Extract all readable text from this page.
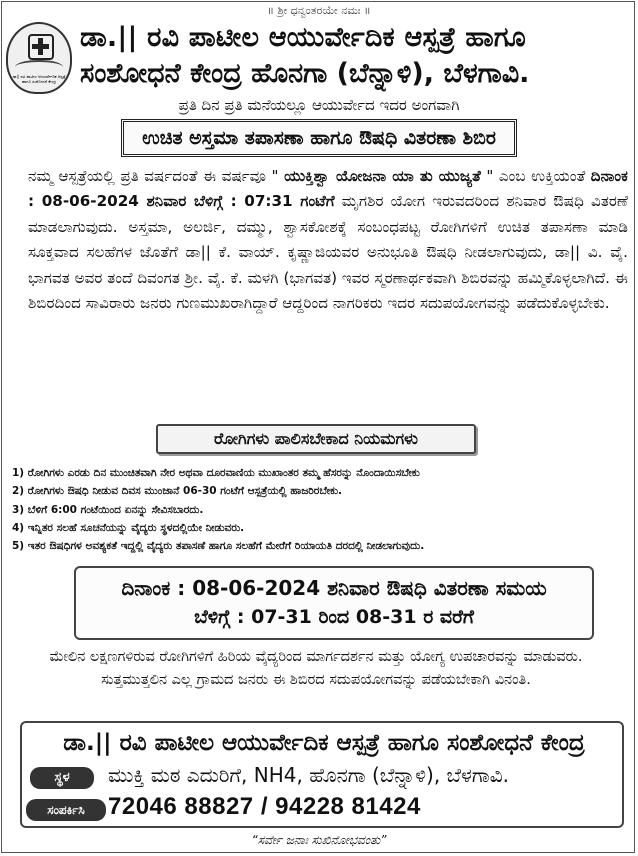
॥ ಶ್ರೀ ಧನ್ವಂತರಯೇ ನಮಃ ॥
ಡಾ|| ರವಿ ಪಾಟೀಲ ಆಯುರ್ವೇದಿಕ ಆಸ್ಪತ್ರೆ ಹಾಗೂ ಸಂಶೋಧನೆ ಕೇಂದ್ರ
ಡಾ.|| ರವಿ ಪಾಟೀಲ ಆಯುರ್ವೇದಿಕ ಆಸ್ಪತ್ರೆ ಹಾಗೂ
ಸಂಶೋಧನೆ ಕೇಂದ್ರ ಹೊನಗಾ (ಬೆನ್ನಾಳಿ), ಬೆಳಗಾವಿ.
ಪ್ರತಿ ದಿನ ಪ್ರತಿ ಮನೆಯಲ್ಲೂ ಆಯುರ್ವೇದ ಇದರ ಅಂಗವಾಗಿ
ಉಚಿತ ಅಸ್ತಮಾ ತಪಾಸಣಾ ಹಾಗೂ ಔಷಧಿ ವಿತರಣಾ ಶಿಬಿರ
ನಮ್ಮ ಆಸ್ಪತ್ರೆಯಲ್ಲಿ ಪ್ರತಿ ವರ್ಷದಂತೆ ಈ ವರ್ಷವೂ " ಯುಕ್ತಿಶ್ವಾ ಯೋಜನಾ ಯಾ ತು ಯುಜ್ಯತೆ " ಎಂಬ ಉಕ್ತಿಯಂತೆ ದಿನಾಂಕ : 08-06-2024 ಶನಿವಾರ ಬೆಳಿಗ್ಗೆ : 07:31 ಗಂಟೆಗೆ ಮೃಗಶಿರ ಯೋಗ ಇರುವದರಿಂದ ಶನಿವಾರ ಔಷಧಿ ವಿತರಣೆ ಮಾಡಲಾಗುವುದು. ಅಸ್ತಮಾ, ಅಲರ್ಜಿ, ದಮ್ಮು, ಶ್ವಾಸಕೋಶಕ್ಕೆ ಸಂಬಂಧಪಟ್ಟ ರೋಗಿಗಳಿಗೆ ಉಚಿತ ತಪಾಸಣಾ ಮಾಡಿ ಸೂಕ್ತವಾದ ಸಲಹೆಗಳ ಜೊತೆಗೆ ಡಾ|| ಕೆ. ವಾಯ್. ಕೃಷ್ಣಾಜಿಯವರ ಅನುಭೂತಿ ಔಷಧಿ ನೀಡಲಾಗುವುದು, ಡಾ|| ವಿ. ವೈ. ಭಾಗವತ ಅವರ ತಂದೆ ದಿವಂಗತ ಶ್ರೀ. ವೈ. ಕೆ. ಮಳಗಿ (ಭಾಗವತ) ಇವರ ಸ್ಮರಣಾರ್ಥಕವಾಗಿ ಶಿಬಿರವನ್ನು ಹಮ್ಮಿಕೊಳ್ಳಲಾಗಿದೆ. ಈ ಶಿಬಿರದಿಂದ ಸಾವಿರಾರು ಜನರು ಗುಣಮುಖರಾಗಿದ್ದಾರೆ ಆದ್ದರಿಂದ ನಾಗರಿಕರು ಇದರ ಸದುಪಯೋಗವನ್ನು ಪಡೆದುಕೊಳ್ಳಬೇಕು.
ರೋಗಿಗಳು ಪಾಲಿಸಬೇಕಾದ ನಿಯಮಗಳು
1) ರೋಗಿಗಳು ಎರಡು ದಿನ ಮುಂಚಿತವಾಗಿ ನೇರ ಅಥವಾ ದೂರವಾಣಿಯ ಮುಖಾಂತರ ತಮ್ಮ ಹೆಸರನ್ನು ನೊಂದಾಯಿಸಬೇಕು
2) ರೋಗಿಗಳು ಔಷಧಿ ನೀಡುವ ದಿವಸ ಮುಂಜಾನೆ 06-30 ಗಂಟೆಗೆ ಆಸ್ಪತ್ರೆಯಲ್ಲಿ ಹಾಜರಿರಬೇಕು.
3) ಬೆಳಿಗೆ 6:00 ಗಂಟೆಯಿಂದ ಏನನ್ನು ಸೇವಿಸಬಾರದು.
4) ಇನ್ನಿತರ ಸಲಹೆ ಸೂಚನೆಯನ್ನು ವೈದ್ಯರು ಸ್ಥಳದಲ್ಲಿಯೇ ನೀಡುವರು.
5) ಇತರ ಔಷಧಿಗಳ ಅವಶ್ಯಕತೆ ಇದ್ದಲ್ಲಿ ವೈದ್ಯರು ತಪಾಸಣೆ ಹಾಗೂ ಸಲಹೆಗೆ ಮೇರೆಗೆ ರಿಯಾಯತಿ ದರದಲ್ಲಿ ನೀಡಲಾಗುವುದು.
ದಿನಾಂಕ : 08-06-2024 ಶನಿವಾರ ಔಷಧಿ ವಿತರಣಾ ಸಮಯ
ಬೆಳಿಗ್ಗೆ : 07-31 ರಿಂದ 08-31 ರ ವರೆಗೆ
ಮೇಲಿನ ಲಕ್ಷಣಗಳಿರುವ ರೋಗಿಗಳಿಗೆ ಹಿರಿಯ ವೈದ್ಯರಿಂದ ಮಾರ್ಗದರ್ಶನ ಮತ್ತು ಯೋಗ್ಯ ಉಪಚಾರವನ್ನು ಮಾಡುವರು. ಸುತ್ತಮುತ್ತಲಿನ ಎಲ್ಲ ಗ್ರಾಮದ ಜನರು ಈ ಶಿಬಿರದ ಸದುಪಯೋಗವನ್ನು ಪಡೆಯಬೇಕಾಗಿ ವಿನಂತಿ.
ಡಾ.|| ರವಿ ಪಾಟೀಲ ಆಯುರ್ವೇದಿಕ ಆಸ್ಪತ್ರೆ ಹಾಗೂ ಸಂಶೋಧನೆ ಕೇಂದ್ರ
ಸ್ಥಳ	ಮುಕ್ತಿ ಮಠ ಎದುರಿಗೆ, NH4, ಹೊನಗಾ (ಬೆನ್ನಾಳಿ), ಬೆಳಗಾವಿ.
ಸಂಪರ್ಕಿಸಿ 72046 88827 / 94228 81424
“ಸರ್ವೇ ಜನಾಃ ಸುಖಿನೋಭವಂತು”
